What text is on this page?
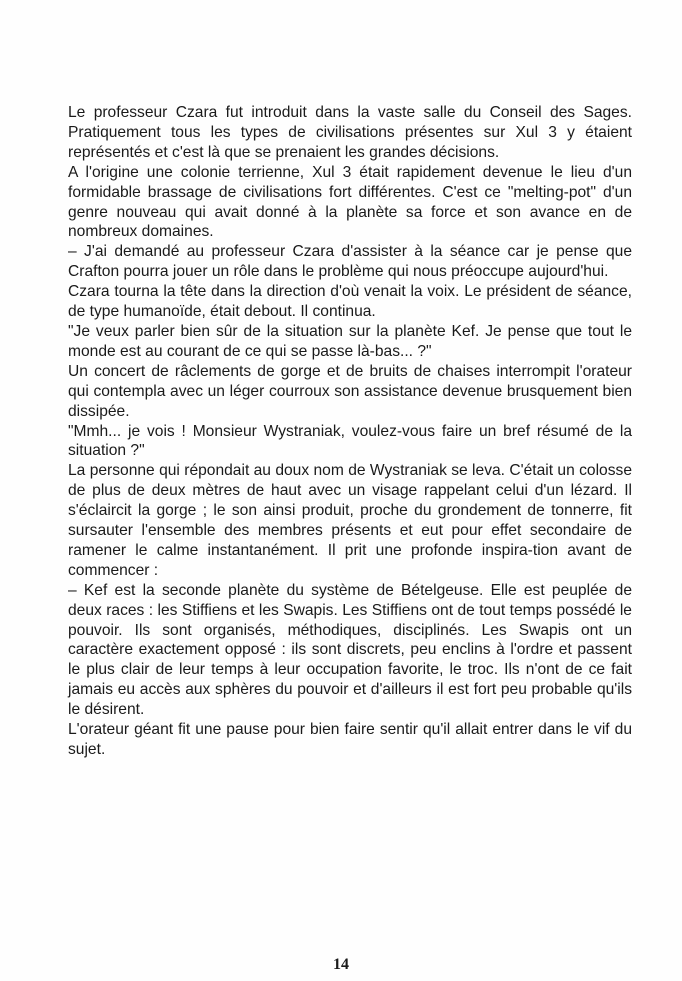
Le professeur Czara fut introduit dans la vaste salle du Conseil des Sages. Pratiquement tous les types de civilisations présentes sur Xul 3 y étaient représentés et c'est là que se prenaient les grandes décisions.

A l'origine une colonie terrienne, Xul 3 était rapidement devenue le lieu d'un formidable brassage de civilisations fort différentes. C'est ce "melting-pot" d'un genre nouveau qui avait donné à la planète sa force et son avance en de nombreux domaines.

– J'ai demandé au professeur Czara d'assister à la séance car je pense que Crafton pourra jouer un rôle dans le problème qui nous préoccupe aujourd'hui.

Czara tourna la tête dans la direction d'où venait la voix. Le président de séance, de type humanoïde, était debout. Il continua.

"Je veux parler bien sûr de la situation sur la planète Kef. Je pense que tout le monde est au courant de ce qui se passe là-bas... ?"

Un concert de râclements de gorge et de bruits de chaises interrompit l'orateur qui contempla avec un léger courroux son assistance devenue brusquement bien dissipée.

"Mmh... je vois ! Monsieur Wystraniak, voulez-vous faire un bref résumé de la situation ?"

La personne qui répondait au doux nom de Wystraniak se leva. C'était un colosse de plus de deux mètres de haut avec un visage rappelant celui d'un lézard. Il s'éclaircit la gorge ; le son ainsi produit, proche du grondement de tonnerre, fit sursauter l'ensemble des membres présents et eut pour effet secondaire de ramener le calme instantanément. Il prit une profonde inspira-tion avant de commencer :

– Kef est la seconde planète du système de Bételgeuse. Elle est peuplée de deux races : les Stiffiens et les Swapis. Les Stiffiens ont de tout temps possédé le pouvoir. Ils sont organisés, méthodiques, disciplinés. Les Swapis ont un caractère exactement opposé : ils sont discrets, peu enclins à l'ordre et passent le plus clair de leur temps à leur occupation favorite, le troc. Ils n'ont de ce fait jamais eu accès aux sphères du pouvoir et d'ailleurs il est fort peu probable qu'ils le désirent.

L'orateur géant fit une pause pour bien faire sentir qu'il allait entrer dans le vif du sujet.

14
